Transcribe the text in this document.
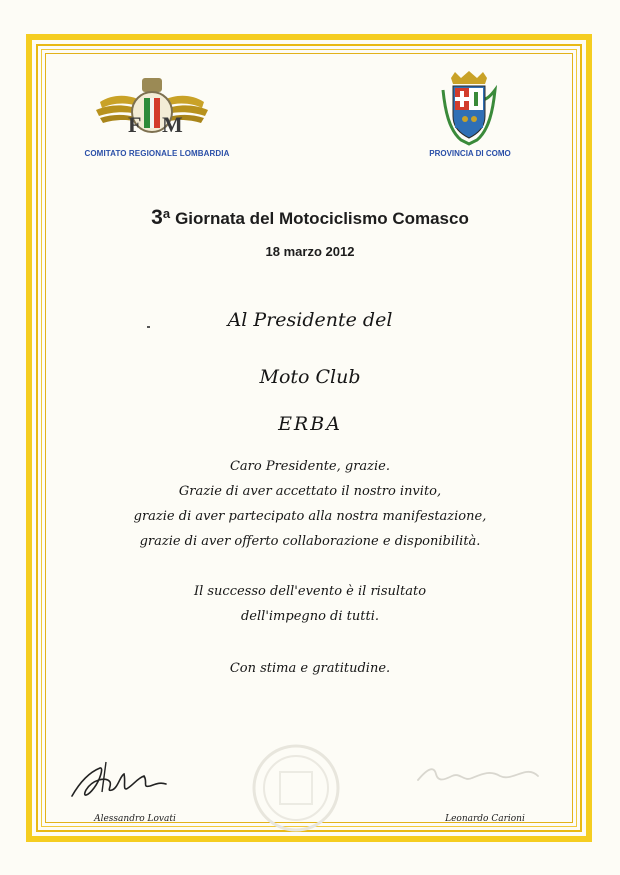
F M
COMITATO REGIONALE LOMBARDIA	PROVINCIA DI COMO
3$^a$ Giornata del Motociclismo Comasco
18 marzo 2012
Al Presidente del
Moto Club
ERBA
Caro Presidente, grazie.
Grazie di aver accettato il nostro invito,
grazie di aver partecipato alla nostra manifestazione,
grazie di aver offerto collaborazione e disponibilità.
Il successo dell'evento è il risultato
dell'impegno di tutti.
Con stima e gratitudine.
Alessandro Lovati	Leonardo Carioni
